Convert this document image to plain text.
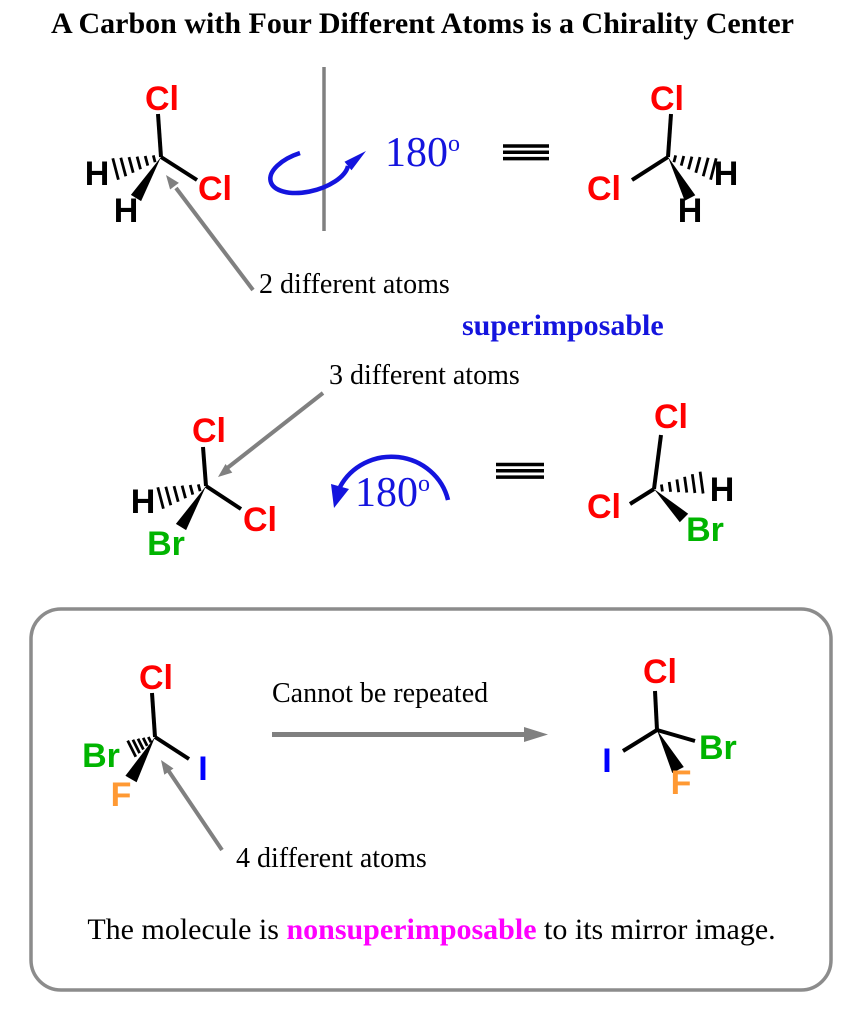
A Carbon with Four Different Atoms is a Chirality Center
Cl
Cl
H
H
Cl
Cl	H
H
Cl
Cl
H
Br
Cl
Cl	H
Br
Cl
I
Br
F
Cl
I	Br
F
180$^o$
180$^o$
2 different atoms
superimposable
3 different atoms
Cannot be repeated
4 different atoms
The molecule is nonsuperimposable to its mirror image.
